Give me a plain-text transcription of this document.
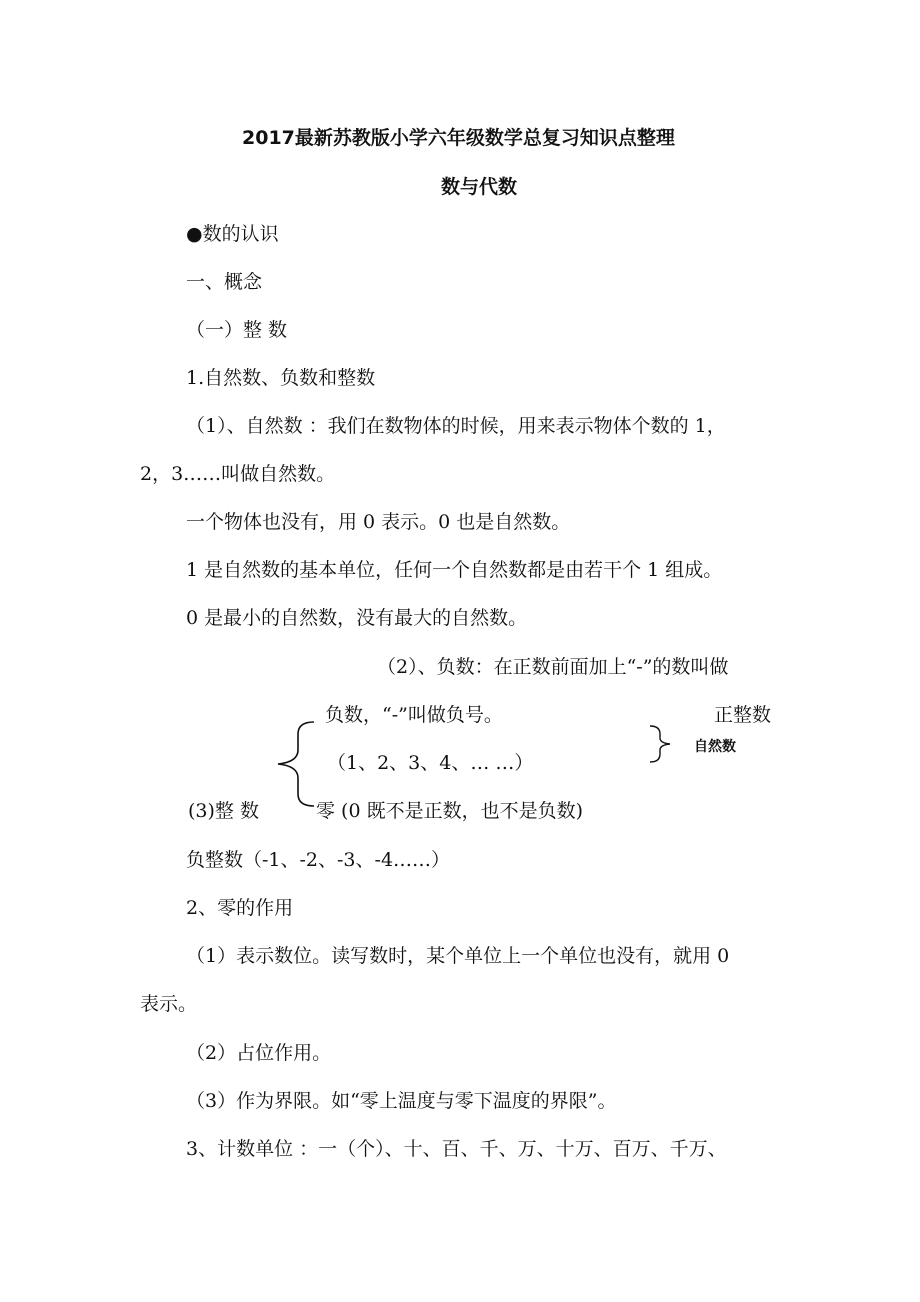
2017最新苏教版小学六年级数学总复习知识点整理
数与代数
●数的认识
一、概念
（一）整 数
1.自然数、负数和整数
（1）、自然数 ：我们在数物体的时候，用来表示物体个数的 1，
2，3……叫做自然数。
一个物体也没有，用 0 表示。0 也是自然数。
1 是自然数的基本单位，任何一个自然数都是由若干个 1 组成。
0 是最小的自然数，没有最大的自然数。
（2）、负数：在正数前面加上“-”的数叫做
负数，“-”叫做负号。	正整数
（1、2、3、4、… …）
自然数
(3)整 数	零 (0 既不是正数，也不是负数)
负整数（-1、-2、-3、-4……）
2、零的作用
（1）表示数位。读写数时，某个单位上一个单位也没有，就用 0
表示。
（2）占位作用。
（3）作为界限。如“零上温度与零下温度的界限”。
3、计数单位 ：一（个）、十、百、千、万、十万、百万、千万、
